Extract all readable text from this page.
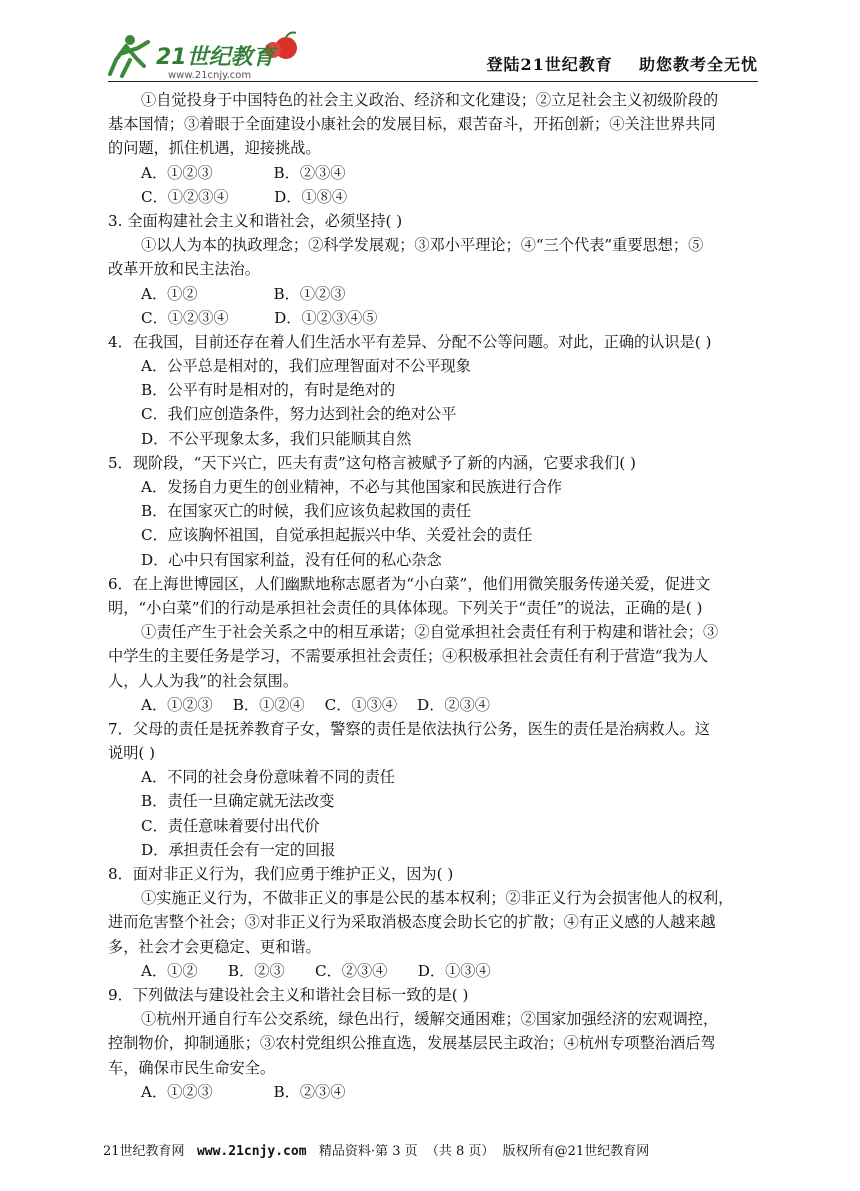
21世纪教育
www.21cnjy.com
登陆21世纪教育    助您教考全无忧
①自觉投身于中国特色的社会主义政治、经济和文化建设；②立足社会主义初级阶段的
基本国情；③着眼于全面建设小康社会的发展目标，艰苦奋斗，开拓创新；④关注世界共同
的问题，抓住机遇，迎接挑战。
A．①②③　　　　B．②③④
C．①②③④　　　D．①⑧④
3. 全面构建社会主义和谐社会，必须坚持( )
①以人为本的执政理念；②科学发展观；③邓小平理论；④“三个代表”重要思想；⑤
改革开放和民主法治。
A．①②　　　　　B．①②③
C．①②③④　　　D．①②③④⑤
4．在我国，目前还存在着人们生活水平有差异、分配不公等问题。对此，正确的认识是( )
A．公平总是相对的，我们应理智面对不公平现象
B．公平有时是相对的，有时是绝对的
C．我们应创造条件，努力达到社会的绝对公平
D．不公平现象太多，我们只能顺其自然
5．现阶段，“天下兴亡，匹夫有责”这句格言被赋予了新的内涵，它要求我们( )
A．发扬自力更生的创业精神，不必与其他国家和民族进行合作
B．在国家灭亡的时候，我们应该负起救国的责任
C．应该胸怀祖国，自觉承担起振兴中华、关爱社会的责任
D．心中只有国家利益，没有任何的私心杂念
6．在上海世博园区，人们幽默地称志愿者为“小白菜”，他们用微笑服务传递关爱，促进文
明，“小白菜”们的行动是承担社会责任的具体体现。下列关于“责任”的说法，正确的是( )
①责任产生于社会关系之中的相互承诺；②自觉承担社会责任有利于构建和谐社会；③
中学生的主要任务是学习，不需要承担社会责任；④积极承担社会责任有利于营造“我为人
人，人人为我”的社会氛围。
A．①②③　 B．①②④　 C．①③④　 D．②③④
7．父母的责任是抚养教育子女，警察的责任是依法执行公务，医生的责任是治病救人。这
说明( )
A．不同的社会身份意味着不同的责任
B．责任一旦确定就无法改变
C．责任意味着要付出代价
D．承担责任会有一定的回报
8．面对非正义行为，我们应勇于维护正义，因为( )
①实施正义行为，不做非正义的事是公民的基本权利；②非正义行为会损害他人的权利，
进而危害整个社会；③对非正义行为采取消极态度会助长它的扩散；④有正义感的人越来越
多，社会才会更稳定、更和谐。
A．①②　　B．②③　　C．②③④　　D．①③④
9．下列做法与建设社会主义和谐社会目标一致的是( )
①杭州开通自行车公交系统，绿色出行，缓解交通困难；②国家加强经济的宏观调控，
控制物价，抑制通胀；③农村党组织公推直选，发展基层民主政治；④杭州专项整治酒后驾
车，确保市民生命安全。
A．①②③　　　　B．②③④
21世纪教育网   www.21cnjy.com   精品资料·第 3 页  （共 8 页）  版权所有@21世纪教育网
